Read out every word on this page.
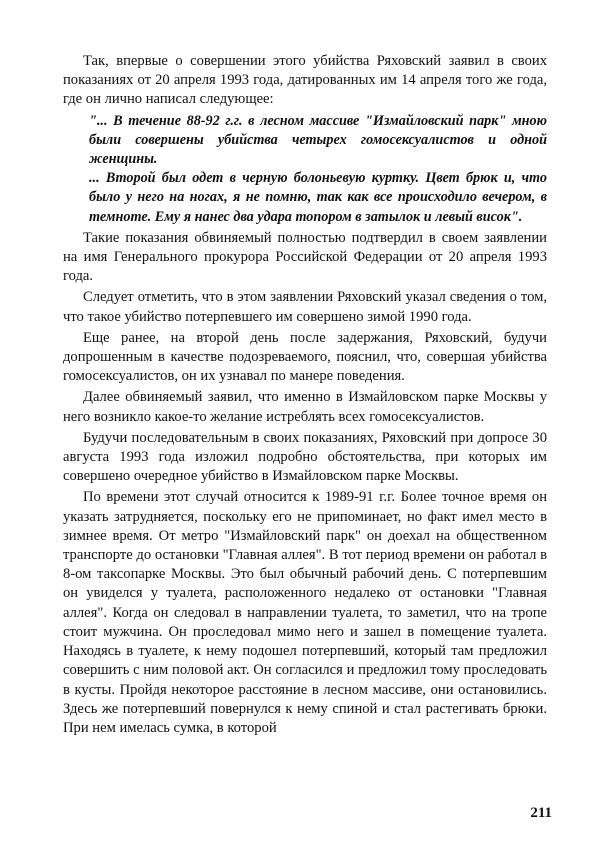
Так, впервые о совершении этого убийства Ряховский заявил в своих показаниях от 20 апреля 1993 года, датированных им 14 апреля того же года, где он лично написал следующее:

"... В течение 88-92 г.г. в лесном массиве "Измайловский парк" мною были совершены убийства четырех гомосексуалистов и одной женщины.

... Второй был одет в черную болоньевую куртку. Цвет брюк и, что было у него на ногах, я не помню, так как все происходило вечером, в темноте. Ему я нанес два удара топором в затылок и левый висок".

Такие показания обвиняемый полностью подтвердил в своем заявлении на имя Генерального прокурора Российской Федерации от 20 апреля 1993 года.

Следует отметить, что в этом заявлении Ряховский указал сведения о том, что такое убийство потерпевшего им совершено зимой 1990 года.

Еще ранее, на второй день после задержания, Ряховский, будучи допрошенным в качестве подозреваемого, пояснил, что, совершая убийства гомосексуалистов, он их узнавал по манере поведения.

Далее обвиняемый заявил, что именно в Измайловском парке Москвы у него возникло какое-то желание истреблять всех гомосексуалистов.

Будучи последовательным в своих показаниях, Ряховский при допросе 30 августа 1993 года изложил подробно обстоятельства, при которых им совершено очередное убийство в Измайловском парке Москвы.

По времени этот случай относится к 1989-91 г.г. Более точное время он указать затрудняется, поскольку его не припоминает, но факт имел место в зимнее время. От метро "Измайловский парк" он доехал на общественном транспорте до остановки "Главная аллея". В тот период времени он работал в 8-ом таксопарке Москвы. Это был обычный рабочий день. С потерпевшим он увиделся у туалета, расположенного недалеко от остановки "Главная аллея". Когда он следовал в направлении туалета, то заметил, что на тропе стоит мужчина. Он проследовал мимо него и зашел в помещение туалета. Находясь в туалете, к нему подошел потерпевший, который там предложил совершить с ним половой акт. Он согласился и предложил тому проследовать в кусты. Пройдя некоторое расстояние в лесном массиве, они остановились. Здесь же потерпевший повернулся к нему спиной и стал растегивать брюки. При нем имелась сумка, в которой

211
